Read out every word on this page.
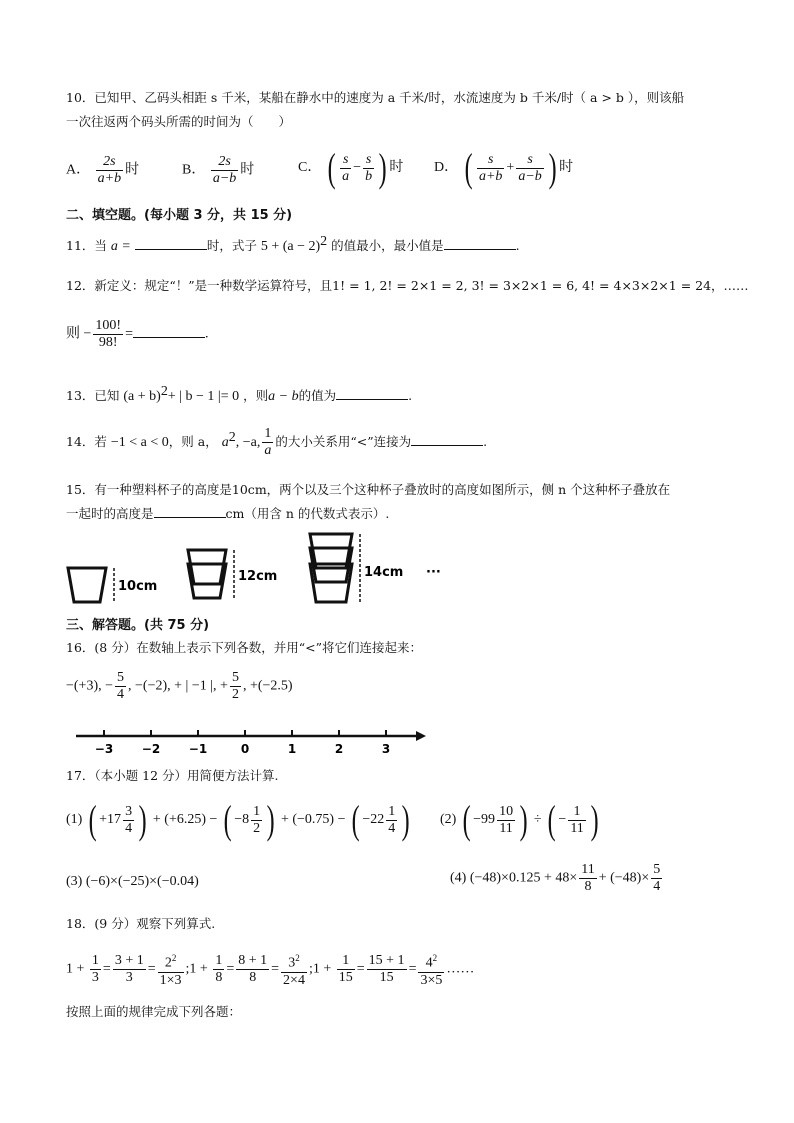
10．已知甲、乙码头相距 s 千米，某船在静水中的速度为 a 千米/时，水流速度为 b 千米/时（ a > b ），则该船
一次往返两个码头所需的时间为（　　）
A． $\frac{2s}{a+b}$ 时	B． $\frac{2s}{a-b}$ 时	C． ( $\frac{s}{a} - \frac{s}{b}$ ) 时 D． ( $\frac{s}{a+b} + \frac{s}{a-b}$ ) 时
二、填空题。(每小题 3 分，共 15 分)
11．当 a =	时，式子 $5 + (a - 2)^2$ 的值最小，最小值是	.
12．新定义：规定“！”是一种数学运算符号，且1! = 1, 2! = 2×1 = 2, 3! = 3×2×1 = 6, 4! = 4×3×2×1 = 24，……
则 − $\frac{100!}{98!}$ =	.
13．已知 $(a + b)^2+$ | b − 1 |= 0 ，则a − b的值为	.
14．若 −1 < a < 0，则 a， $a^2$, −a, $\frac{1}{a}$ 的大小关系用“<”连接为	.
15．有一种塑料杯子的高度是10cm，两个以及三个这种杯子叠放时的高度如图所示，侧 n 个这种杯子叠放在
一起时的高度是	cm（用含 n 的代数式表示）.
10cm
12cm	14cm ···
三、解答题。(共 75 分)
16．(8 分）在数轴上表示下列各数，并用“<”将它们连接起来：
−(+3), − $\frac{5}{4}$ , −(−2), + | −1 |, + $\frac{5}{2}$ , +(−2.5)
−3 −2 −1	0	1	2	3
17．（本小题 12 分）用简便方法计算.
(1) ( $+17 \frac{3}{4}$ ) + (+6.25) − ( $-8 \frac{1}{2}$ ) + (−0.75) − ( $-22 \frac{1}{4}$ ) (2) ( $-99 \frac{10}{11}$ ) ÷ ( − $\frac{1}{11}$ )
(3) (−6)×(−25)×(−0.04)	(4) $(-48)\times 0.125 + 48\times \frac{11}{8} + (-48)\times \frac{5}{4}$
18．(9 分）观察下列算式.
$1 + \frac{1}{3} = \frac{3 + 1}{3} = \frac{2^2}{1\times 3}$ ;1 + $\frac{1}{8} = \frac{8 + 1}{8} = \frac{3^2}{2\times 4}$ ;1 + $\frac{1}{15} = \frac{15 + 1}{15} = \frac{4^2}{3\times 5}$ ……
按照上面的规律完成下列各题：
